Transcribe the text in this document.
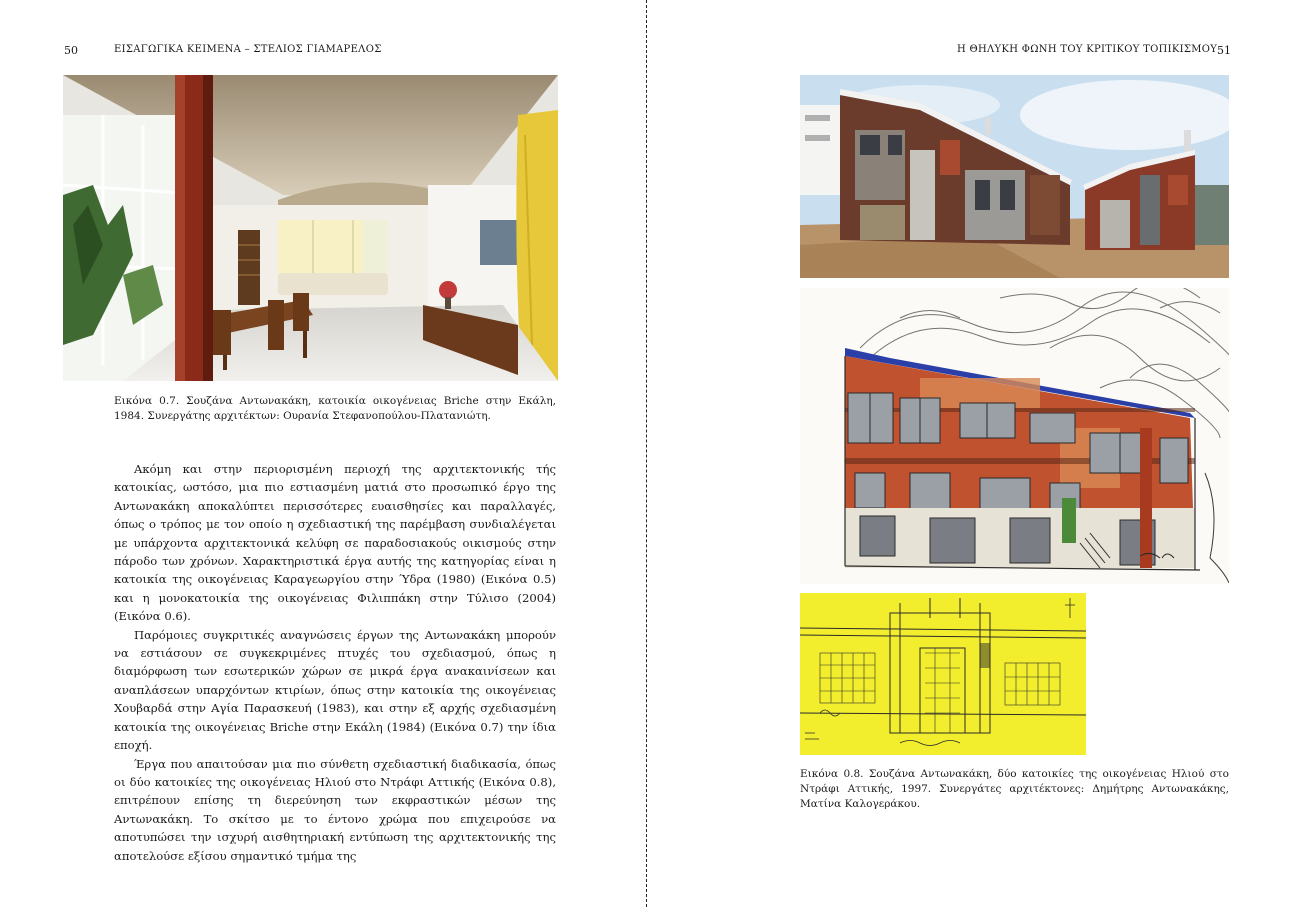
50	ΕΙΣΑΓΩΓΙΚΑ ΚΕΙΜΕΝΑ – ΣΤΕΛΙΟΣ ΓΙΑΜΑΡΕΛΟΣ
Εικόνα 0.7. Σουζάνα Αντωνακάκη, κατοικία οικογένειας Briche στην Εκάλη, 1984. Συνεργάτης αρχιτέκτων: Ουρανία Στεφανοπούλου-Πλατανιώτη.

Ακόμη και στην περιορισμένη περιοχή της αρχιτεκτονικής τής κατοικίας, ωστόσο, μια πιο εστιασμένη ματιά στο προσωπικό έργο της Αντωνακάκη αποκαλύπτει περισσότερες ευαισθησίες και παραλλαγές, όπως ο τρόπος με τον οποίο η σχεδιαστική της παρέμβαση συνδιαλέγεται με υπάρχοντα αρχιτεκτονικά κελύφη σε παραδοσιακούς οικισμούς στην πάροδο των χρόνων. Χαρακτηριστικά έργα αυτής της κατηγορίας είναι η κατοικία της οικογένειας Καραγεωργίου στην Ύδρα (1980) (Εικόνα 0.5) και η μονοκατοικία της οικογένειας Φιλιππάκη στην Τύλισο (2004) (Εικόνα 0.6).

Παρόμοιες συγκριτικές αναγνώσεις έργων της Αντωνακάκη μπορούν να εστιάσουν σε συγκεκριμένες πτυχές του σχεδιασμού, όπως η διαμόρφωση των εσωτερικών χώρων σε μικρά έργα ανακαινίσεων και αναπλάσεων υπαρχόντων κτιρίων, όπως στην κατοικία της οικογένειας Χουβαρδά στην Αγία Παρασκευή (1983), και στην εξ αρχής σχεδιασμένη κατοικία της οικογένειας Briche στην Εκάλη (1984) (Εικόνα 0.7) την ίδια εποχή.

Έργα που απαιτούσαν μια πιο σύνθετη σχεδιαστική διαδικασία, όπως οι δύο κατοικίες της οικογένειας Ηλιού στο Ντράφι Αττικής (Εικόνα 0.8), επιτρέπουν επίσης τη διερεύνηση των εκφραστικών μέσων της Αντωνακάκη. Το σκίτσο με το έντονο χρώμα που επιχειρούσε να αποτυπώσει την ισχυρή αισθητηριακή εντύπωση της αρχιτεκτονικής της αποτελούσε εξίσου σημαντικό τμήμα της

Η ΘΗΛΥΚΗ ΦΩΝΗ ΤΟΥ ΚΡΙΤΙΚΟΥ ΤΟΠΙΚΙΣΜΟΥ 51
Εικόνα 0.8. Σουζάνα Αντωνακάκη, δύο κατοικίες της οικογένειας Ηλιού στο Ντράφι Αττικής, 1997. Συνεργάτες αρχιτέκτονες: Δημήτρης Αντωνακάκης, Ματίνα Καλογεράκου.
